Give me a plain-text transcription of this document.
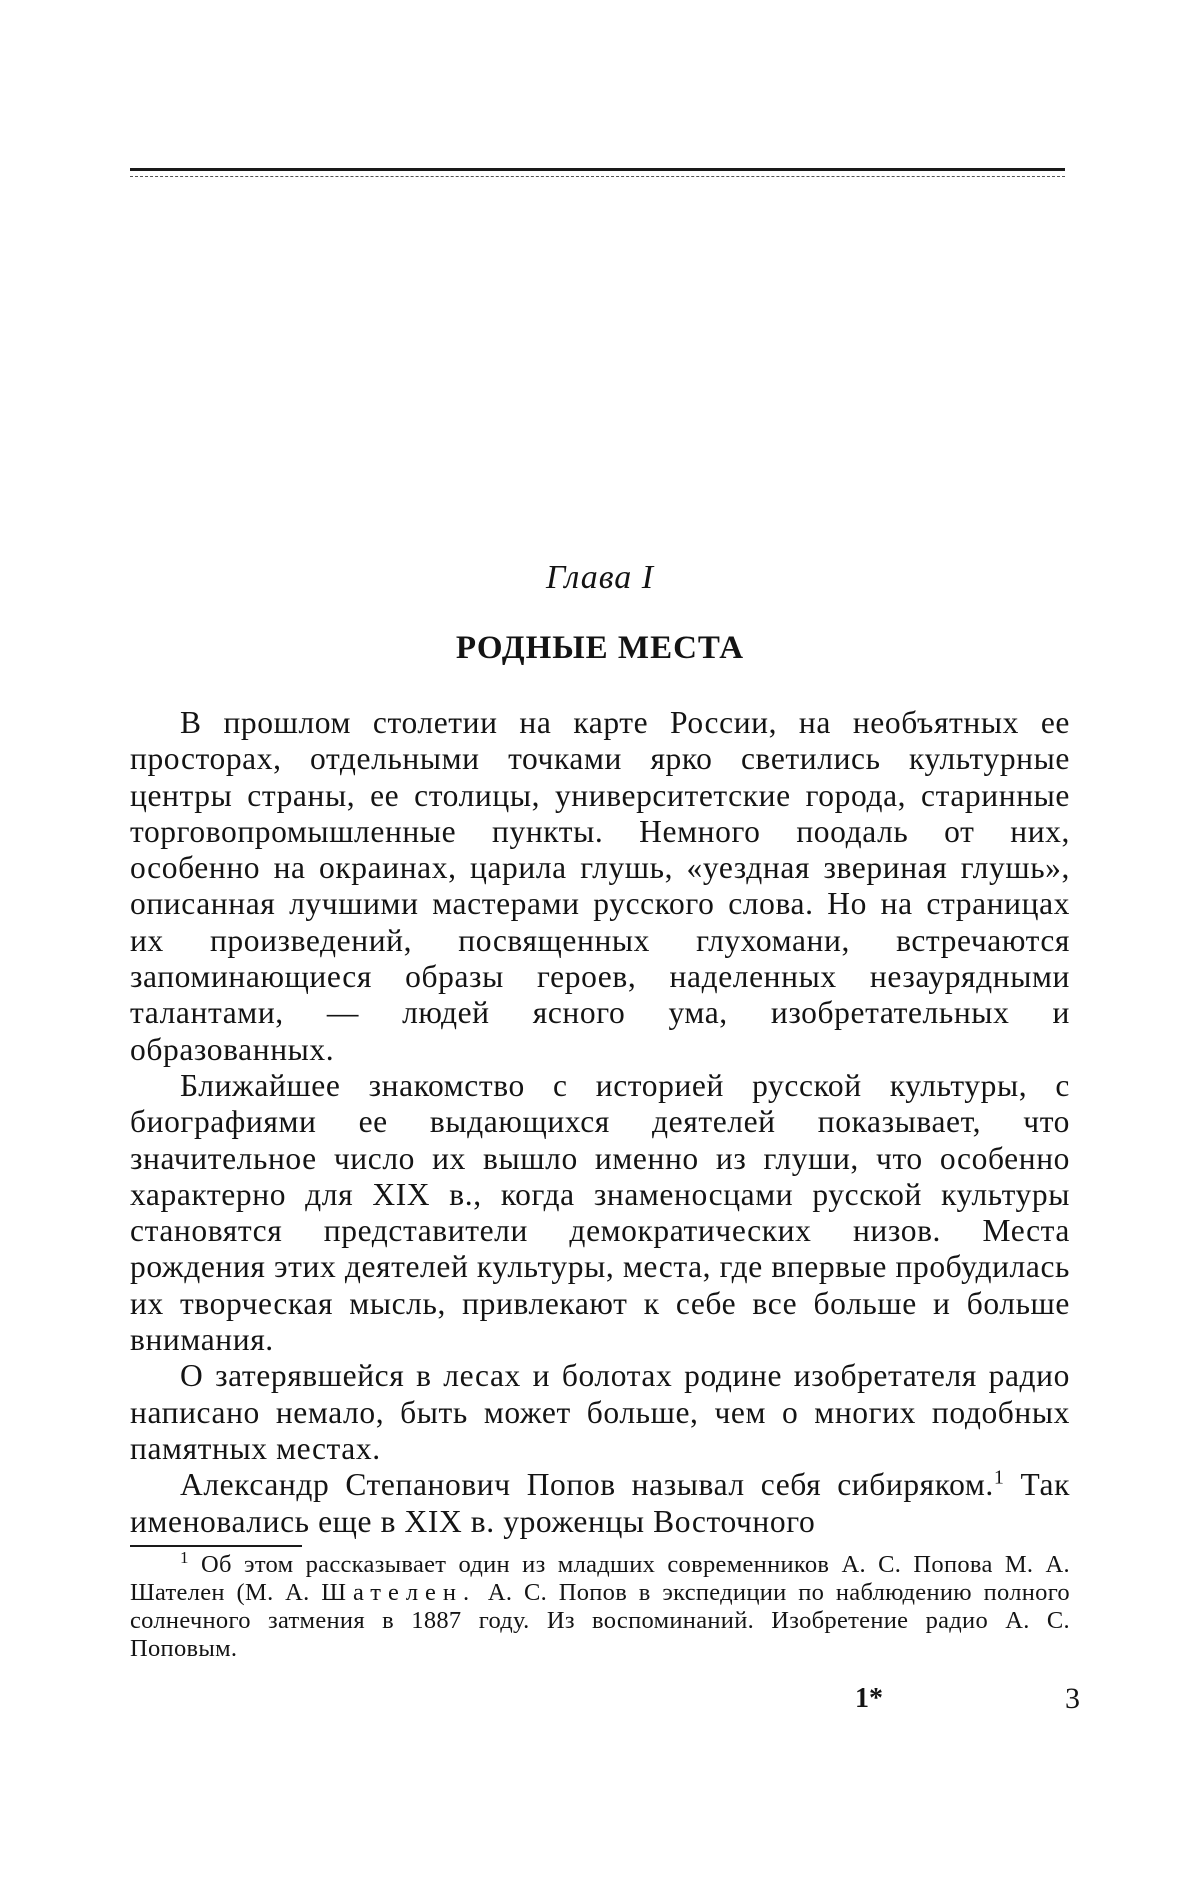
Глава I
РОДНЫЕ МЕСТА

В прошлом столетии на карте России, на необъятных ее просторах, отдельными точками ярко светились культурные центры страны, ее столицы, университетские города, старинные торговопромышленные пункты. Немного поодаль от них, особенно на окраинах, царила глушь, «уездная звериная глушь», описанная лучшими мастерами русского слова. Но на страницах их произведений, посвященных глухомани, встречаются запоминающиеся образы героев, наделенных незаурядными талантами, — людей ясного ума, изобретательных и образованных.

Ближайшее знакомство с историей русской культуры, с биографиями ее выдающихся деятелей показывает, что значительное число их вышло именно из глуши, что особенно характерно для XIX в., когда знаменосцами русской культуры становятся представители демократических низов. Места рождения этих деятелей культуры, места, где впервые пробудилась их творческая мысль, привлекают к себе все больше и больше внимания.

О затерявшейся в лесах и болотах родине изобретателя радио написано немало, быть может больше, чем о многих подобных памятных местах.

Александр Степанович Попов называл себя сибиряком.$^1$ Так именовались еще в XIX в. уроженцы Восточного

$^1$ Об этом рассказывает один из младших современников А. С. Попова М. А. Шателен (М. А. Шателен. А. С. Попов в экспедиции по наблюдению полного солнечного затмения в 1887 году. Из воспоминаний. Изобретение радио А. С. Поповым.
1*	3
